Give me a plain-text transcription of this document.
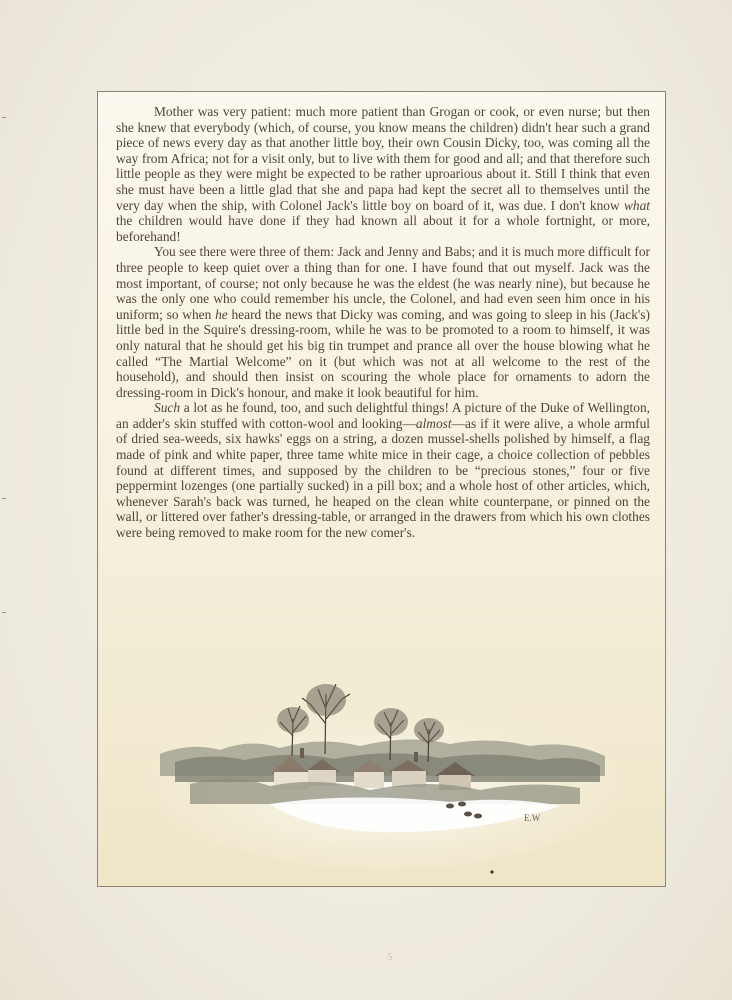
Mother was very patient: much more patient than Grogan or cook, or even nurse; but then she knew that everybody (which, of course, you know means the children) didn't hear such a grand piece of news every day as that another little boy, their own Cousin Dicky, too, was coming all the way from Africa; not for a visit only, but to live with them for good and all; and that therefore such little people as they were might be expected to be rather uproarious about it. Still I think that even she must have been a little glad that she and papa had kept the secret all to themselves until the very day when the ship, with Colonel Jack's little boy on board of it, was due. I don't know what the children would have done if they had known all about it for a whole fortnight, or more, beforehand!

You see there were three of them: Jack and Jenny and Babs; and it is much more difficult for three people to keep quiet over a thing than for one. I have found that out myself. Jack was the most important, of course; not only because he was the eldest (he was nearly nine), but because he was the only one who could remember his uncle, the Colonel, and had even seen him once in his uniform; so when he heard the news that Dicky was coming, and was going to sleep in his (Jack's) little bed in the Squire's dressing-room, while he was to be promoted to a room to himself, it was only natural that he should get his big tin trumpet and prance all over the house blowing what he called “The Martial Welcome” on it (but which was not at all welcome to the rest of the household), and should then insist on scouring the whole place for ornaments to adorn the dressing-room in Dick's honour, and make it look beautiful for him.

Such a lot as he found, too, and such delightful things! A picture of the Duke of Wellington, an adder's skin stuffed with cotton-wool and looking—almost—as if it were alive, a whole armful of dried sea-weeds, six hawks' eggs on a string, a dozen mussel-shells polished by himself, a flag made of pink and white paper, three tame white mice in their cage, a choice collection of pebbles found at different times, and supposed by the children to be “precious stones,” four or five peppermint lozenges (one partially sucked) in a pill box; and a whole host of other articles, which, whenever Sarah's back was turned, he heaped on the clean white counterpane, or pinned on the wall, or littered over father's dressing-table, or arranged in the drawers from which his own clothes were being removed to make room for the new comer's.

E.W
5
